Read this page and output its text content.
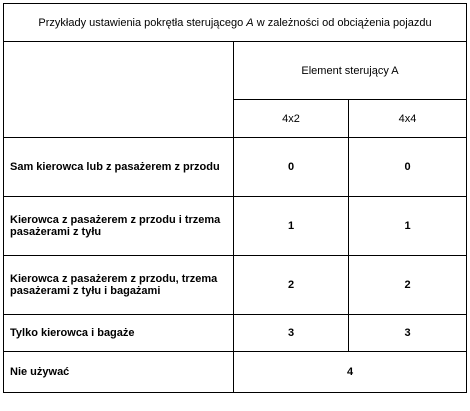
Przykłady ustawienia pokrętła sterującego A w zależności od obciążenia pojazdu		
	Element sterujący A	
	4x2	4x4
Sam kierowca lub z pasażerem z przodu	0	0
Kierowca z pasażerem z przodu i trzema pasażerami z tyłu	1	1
Kierowca z pasażerem z przodu, trzema pasażerami z tyłu i bagażami	2	2
Tylko kierowca i bagaże	3	3
Nie używać	4	
